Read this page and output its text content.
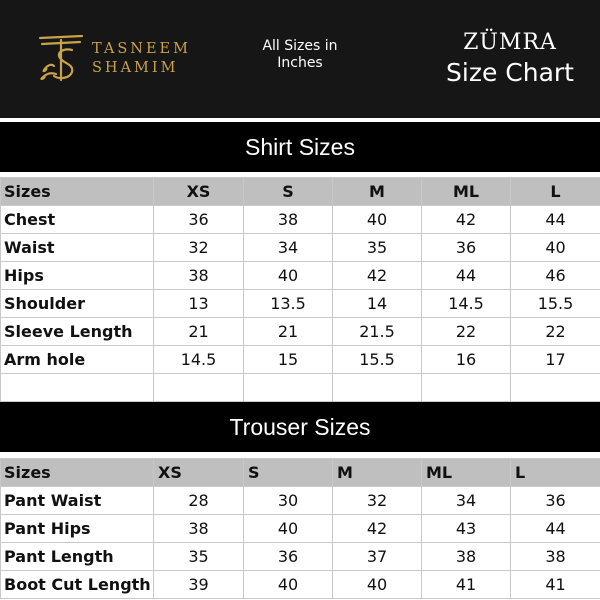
TASNEEM
SHAMIM
All Sizes in Inches
ZÜMRA
Size Chart
Shirt Sizes
Sizes	XS	S	M	ML	L
Chest	36	38	40	42	44
Waist	32	34	35	36	40
Hips	38	40	42	44	46
Shoulder	13	13.5	14	14.5	15.5
Sleeve Length	21	21	21.5	22	22
Arm hole	14.5	15	15.5	16	17

Trouser Sizes
Sizes	XS	S	M	ML	L
Pant Waist	28	30	32	34	36
Pant Hips	38	40	42	43	44
Pant Length	35	36	37	38	38
Boot Cut Length	39	40	40	41	41
